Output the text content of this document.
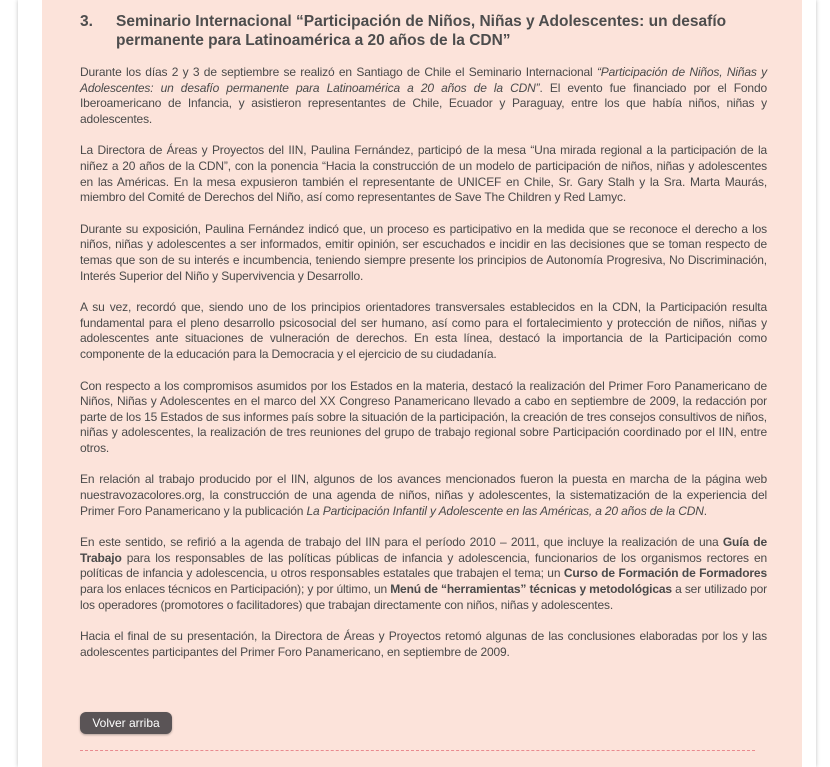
3. Seminario Internacional “Participación de Niños, Niñas y Adolescentes: un desafío permanente para Latinoamérica a 20 años de la CDN”

Durante los días 2 y 3 de septiembre se realizó en Santiago de Chile el Seminario Internacional “Participación de Niños, Niñas y Adolescentes: un desafío permanente para Latinoamérica a 20 años de la CDN”. El evento fue financiado por el Fondo Iberoamericano de Infancia, y asistieron representantes de Chile, Ecuador y Paraguay, entre los que había niños, niñas y adolescentes.

La Directora de Áreas y Proyectos del IIN, Paulina Fernández, participó de la mesa “Una mirada regional a la participación de la niñez a 20 años de la CDN”, con la ponencia “Hacia la construcción de un modelo de participación de niños, niñas y adolescentes en las Américas. En la mesa expusieron también el representante de UNICEF en Chile, Sr. Gary Stalh y la Sra. Marta Maurás, miembro del Comité de Derechos del Niño, así como representantes de Save The Children y Red Lamyc.

Durante su exposición, Paulina Fernández indicó que, un proceso es participativo en la medida que se reconoce el derecho a los niños, niñas y adolescentes a ser informados, emitir opinión, ser escuchados e incidir en las decisiones que se toman respecto de temas que son de su interés e incumbencia, teniendo siempre presente los principios de Autonomía Progresiva, No Discriminación, Interés Superior del Niño y Supervivencia y Desarrollo.

A su vez, recordó que, siendo uno de los principios orientadores transversales establecidos en la CDN, la Participación resulta fundamental para el pleno desarrollo psicosocial del ser humano, así como para el fortalecimiento y protección de niños, niñas y adolescentes ante situaciones de vulneración de derechos. En esta línea, destacó la importancia de la Participación como componente de la educación para la Democracia y el ejercicio de su ciudadanía.

Con respecto a los compromisos asumidos por los Estados en la materia, destacó la realización del Primer Foro Panamericano de Niños, Niñas y Adolescentes en el marco del XX Congreso Panamericano llevado a cabo en septiembre de 2009, la redacción por parte de los 15 Estados de sus informes país sobre la situación de la participación, la creación de tres consejos consultivos de niños, niñas y adolescentes, la realización de tres reuniones del grupo de trabajo regional sobre Participación coordinado por el IIN, entre otros.

En relación al trabajo producido por el IIN, algunos de los avances mencionados fueron la puesta en marcha de la página web nuestravozacolores.org, la construcción de una agenda de niños, niñas y adolescentes, la sistematización de la experiencia del Primer Foro Panamericano y la publicación La Participación Infantil y Adolescente en las Américas, a 20 años de la CDN.

En este sentido, se refirió a la agenda de trabajo del IIN para el período 2010 – 2011, que incluye la realización de una Guía de Trabajo para los responsables de las políticas públicas de infancia y adolescencia, funcionarios de los organismos rectores en políticas de infancia y adolescencia, u otros responsables estatales que trabajen el tema; un Curso de Formación de Formadores para los enlaces técnicos en Participación); y por último, un Menú de “herramientas” técnicas y metodológicas a ser utilizado por los operadores (promotores o facilitadores) que trabajan directamente con niños, niñas y adolescentes.

Hacia el final de su presentación, la Directora de Áreas y Proyectos retomó algunas de las conclusiones elaboradas por los y las adolescentes participantes del Primer Foro Panamericano, en septiembre de 2009.

Volver arriba
